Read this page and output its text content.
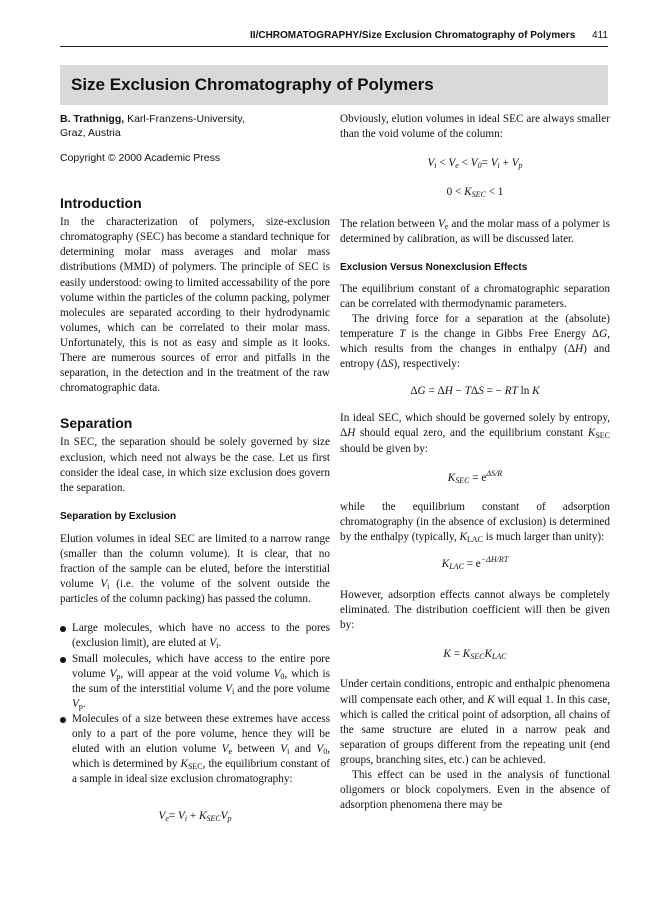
II/CHROMATOGRAPHY/Size Exclusion Chromatography of Polymers 411
Size Exclusion Chromatography of Polymers
B. Trathnigg, Karl-Franzens-University,
Graz, Austria
Copyright © 2000 Academic Press
Introduction

In the characterization of polymers, size-exclusion chromatography (SEC) has become a standard technique for determining molar mass averages and molar mass distributions (MMD) of polymers. The principle of SEC is easily understood: owing to limited accessability of the pore volume within the particles of the column packing, polymer molecules are separated according to their hydrodynamic volumes, which can be correlated to their molar mass. Unfortunately, this is not as easy and simple as it looks. There are numerous sources of error and pitfalls in the separation, in the detection and in the treatment of the raw chromatographic data.

Separation

In SEC, the separation should be solely governed by size exclusion, which need not always be the case. Let us first consider the ideal case, in which size exclusion does govern the separation.

Separation by Exclusion

Elution volumes in ideal SEC are limited to a narrow range (smaller than the column volume). It is clear, that no fraction of the sample can be eluted, before the interstitial volume $V_i$ (i.e. the volume of the solvent outside the particles of the column packing) has passed the column.

Large molecules, which have no access to the pores (exclusion limit), are eluted at $V_i$.
Small molecules, which have access to the entire pore volume $V_p$, will appear at the void volume $V_0$, which is the sum of the interstitial volume $V_i$ and the pore volume $V_p$.
Molecules of a size between these extremes have access only to a part of the pore volume, hence they will be eluted with an elution volume $V_e$ between $V_i$ and $V_0$, which is determined by $K_{SEC}$, the equilibrium constant of a sample in ideal size exclusion chromatography:
$V_e= V_i + K_{SEC}V_p$

Obviously, elution volumes in ideal SEC are always smaller than the void volume of the column:

$V_i < V_e < V_0= V_i + V_p$
$0 < K_{SEC} < 1$

The relation between $V_e$ and the molar mass of a polymer is determined by calibration, as will be discussed later.

Exclusion Versus Nonexclusion Effects

The equilibrium constant of a chromatographic separation can be correlated with thermodynamic parameters.

The driving force for a separation at the (absolute) temperature T is the change in Gibbs Free Energy ΔG, which results from the changes in enthalpy (ΔH) and entropy (ΔS), respectively:

ΔG = ΔH − TΔS = − RT ln K

In ideal SEC, which should be governed solely by entropy, ΔH should equal zero, and the equilibrium constant $K_{SEC}$ should be given by:

$K_{SEC} = e^{\Delta S/R}$

while the equilibrium constant of adsorption chromatography (in the absence of exclusion) is determined by the enthalpy (typically, $K_{LAC}$ is much larger than unity):

$K_{LAC} = e^{-\Delta H/RT}$

However, adsorption effects cannot always be completely eliminated. The distribution coefficient will then be given by:

$K = K_{SEC}K_{LAC}$

Under certain conditions, entropic and enthalpic phenomena will compensate each other, and K will equal 1. In this case, which is called the critical point of adsorption, all chains of the same structure are eluted in a narrow peak and separation of groups different from the repeating unit (end groups, branching sites, etc.) can be achieved.

This effect can be used in the analysis of functional oligomers or block copolymers. Even in the absence of adsorption phenomena there may be
